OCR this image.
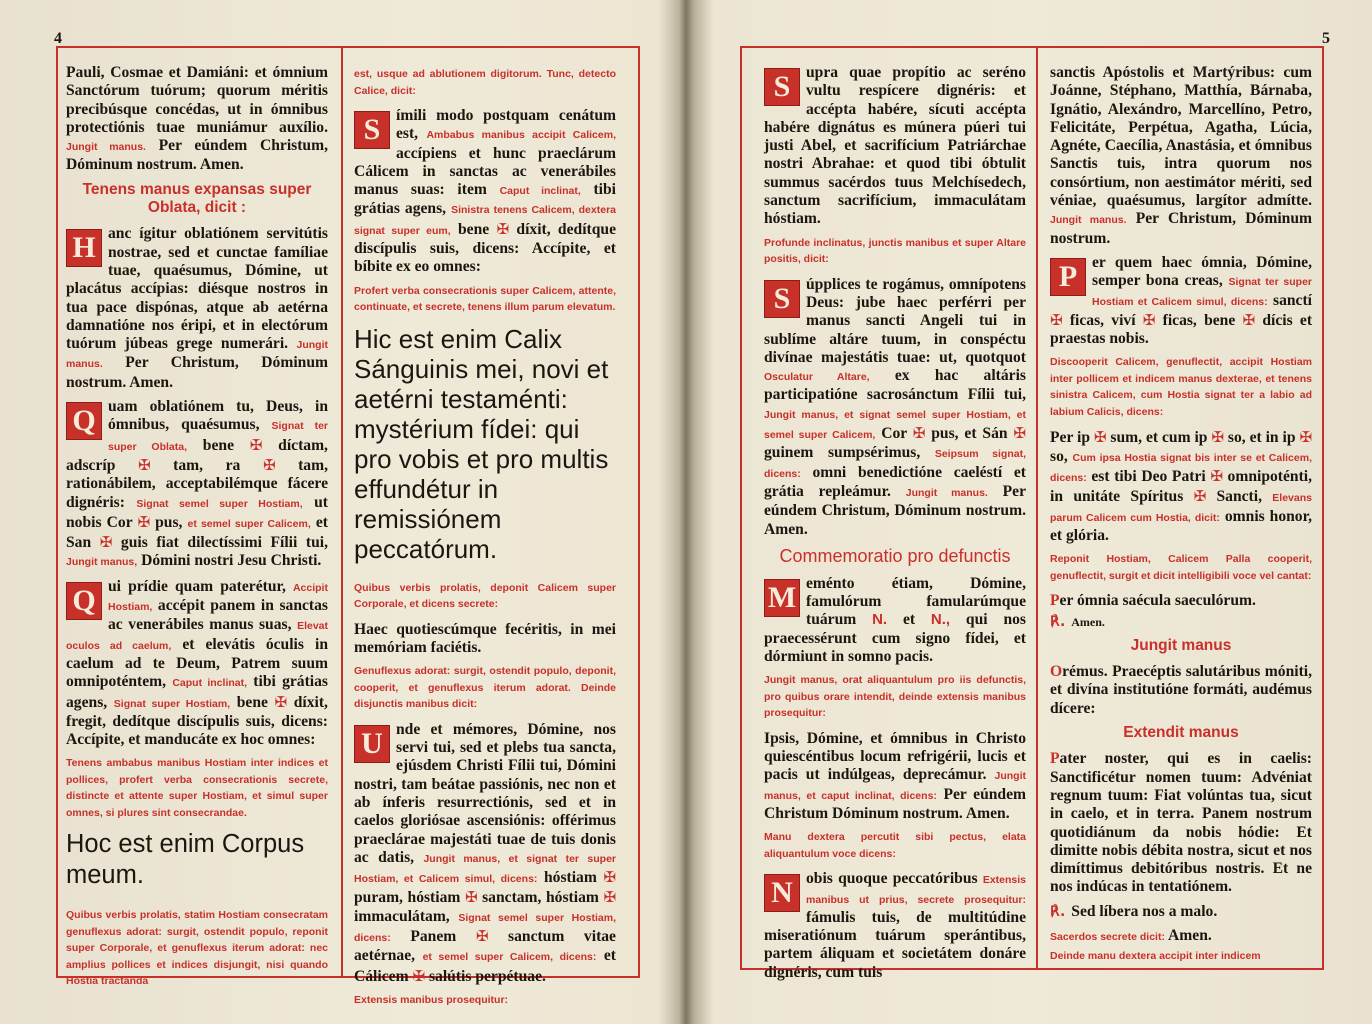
4	5

Pauli, Cosmae et Damiáni: et ómnium Sanctórum tuórum; quorum méritis precibúsque concédas, ut in ómnibus protectiónis tuae muniámur auxílio. Jungit manus. Per eúndem Christum, Dóminum nostrum. Amen.

Tenens manus expansas super Oblata, dicit :

H anc ígitur oblatiónem servitútis nostrae, sed et cunctae famíliae tuae, quaésumus, Dómine, ut placátus accípias: diésque nostros in tua pace dispónas, atque ab aetérna damnatióne nos éripi, et in electórum tuórum júbeas grege numerári. Jungit manus. Per Christum, Dóminum nostrum. Amen.

Q uam oblatiónem tu, Deus, in ómnibus, quaésumus, Signat ter super Oblata, bene ✠ díctam, adscríp ✠ tam, ra ✠ tam, rationábilem, acceptabilémque fácere dignéris: Signat semel super Hostiam, ut nobis Cor ✠ pus, et semel super Calicem, et San ✠ guis fiat dilectíssimi Fílii tui, Jungit manus, Dómini nostri Jesu Christi.

Q ui prídie quam paterétur, Accipit Hostiam, accépit panem in sanctas ac venerábiles manus suas, Elevat oculos ad caelum, et elevátis óculis in caelum ad te Deum, Patrem suum omnipoténtem, Caput inclinat, tibi grátias agens, Signat super Hostiam, bene ✠ díxit, fregit, dedítque discípulis suis, dicens: Accípite, et manducáte ex hoc omnes:

Tenens ambabus manibus Hostiam inter indices et pollices, profert verba consecrationis secrete, distincte et attente super Hostiam, et simul super omnes, si plures sint consecrandae.
Hoc est enim Corpus meum.
Quibus verbis prolatis, statim Hostiam consecratam genuflexus adorat: surgit, ostendit populo, reponit super Corporale, et genuflexus iterum adorat: nec amplius pollices et indices disjungit, nisi quando Hostia tractanda
est, usque ad ablutionem digitorum. Tunc, detecto Calice, dicit:

S	ímili modo postquam cenátum est, Ambabus manibus accipit Calicem, accípiens et hunc praeclárum Cálicem in sanctas ac venerábiles manus suas: item Caput inclinat, tibi grátias agens, Sinistra tenens Calicem, dextera signat super eum, bene ✠ díxit, dedítque discípulis suis, dicens: Accípite, et bíbite ex eo omnes:

Profert verba consecrationis super Calicem, attente, continuate, et secrete, tenens illum parum elevatum.
Hic est enim Calix Sánguinis mei, novi et aetérni testaménti: mystérium fídei: qui pro vobis et pro multis effundétur in remissiónem peccatórum.
Quibus verbis prolatis, deponit Calicem super Corporale, et dicens secrete:

Haec quotiescúmque fecéritis, in mei memóriam faciétis.

Genuflexus adorat: surgit, ostendit populo, deponit, cooperit, et genuflexus iterum adorat. Deinde disjunctis manibus dicit:

U nde et mémores, Dómine, nos servi tui, sed et plebs tua sancta, ejúsdem Christi Fílii tui, Dómini nostri, tam beátae passiónis, nec non et ab ínferis resurrectiónis, sed et in caelos gloriósae ascensiónis: offérimus praeclárae majestáti tuae de tuis donis ac datis, Jungit manus, et signat ter super Hostiam, et Calicem simul, dicens: hóstiam ✠ puram, hóstiam ✠ sanctam, hóstiam ✠ immaculátam, Signat semel super Hostiam, dicens: Panem ✠ sanctum vitae aetérnae, et semel super Calicem, dicens: et Cálicem ✠ salútis perpétuae.

Extensis manibus prosequitur:

S	upra quae propítio ac seréno vultu respícere dignéris: et accépta habére, sícuti accépta habére dignátus es múnera púeri tui justi Abel, et sacrifícium Patriárchae nostri Abrahae: et quod tibi óbtulit summus sacérdos tuus Melchísedech, sanctum sacrifícium, immaculátam hóstiam.

Profunde inclinatus, junctis manibus et super Altare positis, dicit:

S	úpplices te rogámus, omnípotens Deus: jube haec perférri per manus sancti Angeli tui in sublíme altáre tuum, in conspéctu divínae majestátis tuae: ut, quotquot Osculatur Altare, ex hac altáris participatióne sacrosánctum Fílii tui, Jungit manus, et signat semel super Hostiam, et semel super Calicem, Cor ✠ pus, et Sán ✠ guinem sumpsérimus, Seipsum signat, dicens: omni benedictióne caeléstí et grátia repleámur. Jungit manus. Per eúndem Christum, Dóminum nostrum. Amen.

Commemoratio pro defunctis

M eménto étiam, Dómine, famulórum famularúmque tuárum N. et N., qui nos praecessérunt cum signo fídei, et dórmiunt in somno pacis.

Jungit manus, orat aliquantulum pro iis defunctis, pro quibus orare intendit, deinde extensis manibus prosequitur:

Ipsis, Dómine, et ómnibus in Christo quiescéntibus locum refrigérii, lucis et pacis ut indúlgeas, deprecámur. Jungit manus, et caput inclinat, dicens: Per eúndem Christum Dóminum nostrum. Amen.

Manu dextera percutit sibi pectus, elata aliquantulum voce dicens:

N obis quoque peccatóribus Extensis manibus ut prius, secrete prosequitur: fámulis tuis, de multitúdine miseratiónum tuárum sperántibus, partem áliquam et societátem donáre dignéris, cum tuis

sanctis Apóstolis et Martýribus: cum Joánne, Stéphano, Matthía, Bárnaba, Ignátio, Alexándro, Marcellíno, Petro, Felicitáte, Perpétua, Agatha, Lúcia, Agnéte, Caecília, Anastásia, et ómnibus Sanctis tuis, intra quorum nos consórtium, non aestimátor mériti, sed véniae, quaésumus, largítor admítte. Jungit manus. Per Christum, Dóminum nostrum.

P er quem haec ómnia, Dómine, semper bona creas, Signat ter super Hostiam et Calicem simul, dicens: sanctí ✠ ficas, viví ✠ ficas, bene ✠ dícis et praestas nobis.

Discooperit Calicem, genuflectit, accipit Hostiam inter pollicem et indicem manus dexterae, et tenens sinistra Calicem, cum Hostia signat ter a labio ad labium Calicis, dicens:

Per ip ✠ sum, et cum ip ✠ so, et in ip ✠ so, Cum ipsa Hostia signat bis inter se et Calicem, dicens: est tibi Deo Patri ✠ omnipoténti, in unitáte Spíritus ✠ Sancti, Elevans parum Calicem cum Hostia, dicit: omnis honor, et glória.

Reponit Hostiam, Calicem Palla cooperit, genuflectit, surgit et dicit intelligibili voce vel cantat:

Per ómnia saécula saeculórum.

℟. Amen.

Jungit manus

Orémus. Praecéptis salutáribus móniti, et divína institutióne formáti, audémus dícere:

Extendit manus

Pater noster, qui es in caelis: Sanctificétur nomen tuum: Advéniat regnum tuum: Fiat volúntas tua, sicut in caelo, et in terra. Panem nostrum quotidiánum da nobis hódie: Et dimitte nobis débita nostra, sicut et nos dimíttimus debitóribus nostris. Et ne nos indúcas in tentatiónem.

℟. Sed líbera nos a malo.

Sacerdos secrete dicit: Amen.

Deinde manu dextera accipit inter indicem
